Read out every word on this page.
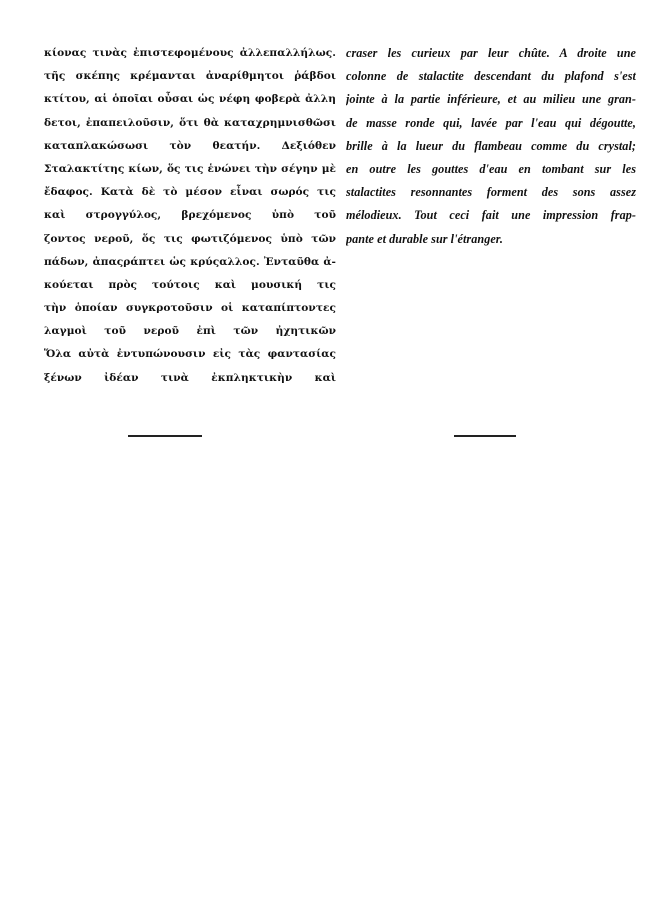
κίονας τινὰς ἐπιστεφομένους ἀλλεπαλλήλως.
τῆς σκέπης κρέμανται ἀναρίθμητοι ῥάβδοι
κτίτου, αἱ ὁποῖαι οὖσαι ὡς νέφη φοβερὰ ἀλλη
δετοι, ἐπαπειλοῦσιν, ὅτι θὰ καταχρημνισθῶσι
καταπλακώσωσι τὸν θεατήν. Δεξιόθεν
Σταλακτίτης κίων, ὅς τις ἑνώνει τὴν σέγην μὲ
ἔδαφος. Κατὰ δὲ τὸ μέσον εἶναι σωρός τις
καὶ στρογγύλος, βρεχόμενος ὑπὸ τοῦ
ζοντος νεροῦ, ὅς τις φωτιζόμενος ὑπὸ τῶν
πάδων, ἀπαςράπτει ὡς κρύςαλλος. Ἐνταῦθα ἀ-
κούεται πρὸς τούτοις καὶ μουσική τις
τὴν ὁποίαν συγκροτοῦσιν οἱ καταπίπτοντες
λαγμοὶ τοῦ νεροῦ ἐπὶ τῶν ἠχητικῶν
Ὅλα αὐτὰ ἐντυπώνουσιν εἰς τὰς φαντασίας
ξένων ἰδέαν τινὰ ἐκπληκτικὴν καὶ
craser les curieux par leur chûte. A droite une
colonne de stalactite descendant du plafond s'est
jointe à la partie inférieure, et au milieu une gran-
de masse ronde qui, lavée par l'eau qui dégoutte,
brille à la lueur du flambeau comme du crystal;
en outre les gouttes d'eau en tombant sur les
stalactites resonnantes forment des sons assez
mélodieux. Tout ceci fait une impression frap-
pante et durable sur l'étranger.
